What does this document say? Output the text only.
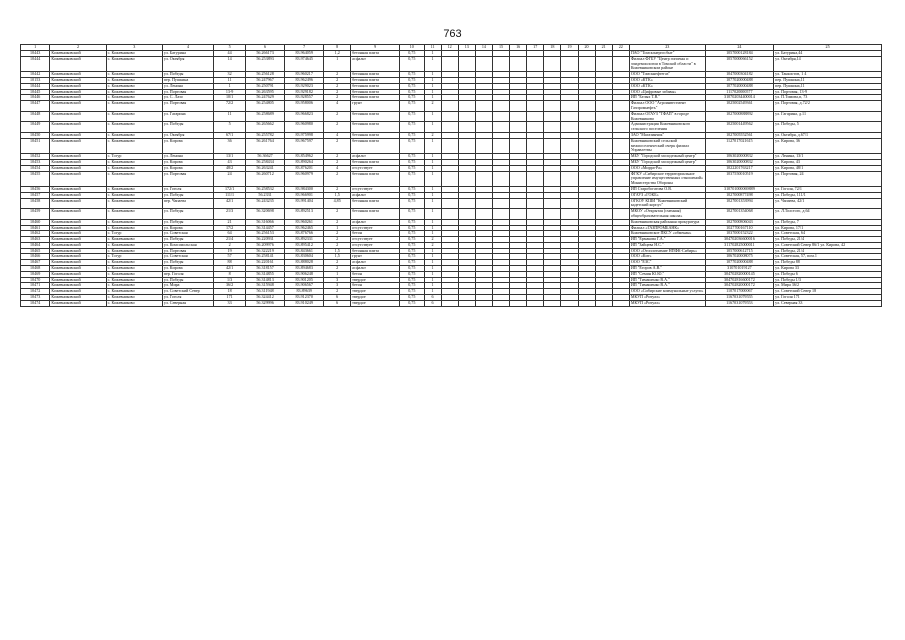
763
1	2	3	4	5	6	7	8	9	10	11	12	13	14	15	16	17	18	19	20	21	22	23	24	25
10443	Кожевниковский	с. Кожевниково	ул. Батурина	44	56.266173	83.964059	1,2	бетонная плита	0,75	1												ПАО "Томскэнергосбыт"	1057000128184	ул. Батурина,44
10444	Кожевниковский	с. Кожевниково	ул. Октября	14	56.253893	83.974645	1	асфальт	0,75	1												Филиал ФГБУ "Центр гигиены и эпидемиологии в Томской области" в Кожевниковском районе	1057000066152	ул. Октября,14
10442	Кожевниковский	с. Кожевниково	ул. Победы	32	56.256128	83.960217	2	бетонная плита	0,75	1												ООО "Томскнефтегаз"	1047000304182	ул. Танкистов, 1 4
10153	Кожевниковский	с. Кожевниково	пер. Пушкина	11	56.247967	83.962496	2	бетонная плита	0,75	1												ООО «КТК»	1077020000488	пер. Пушкина,11
10444	Кожевниковский	с. Кожевниково	ул. Ленина	1	56.250791	83.929023	2	бетонная плита	0,75	1												ООО «КТК»	1077020000488	пер. Пушкина,11
10445	Кожевниковский	с. Кожевниково	ул. Портовая	13-9	56.263595	83.929182	2	бетонная плита	0,75	1												ООО «Цифровые забавы»	1117020000577	ул. Портовая, 13-9
10446	Кожевниковский	с. Кожевниково	ул. С. Лазо	10/1	56.247629	83.928557	2	бетонная плита	0,75	1												ИП "Белых Т.В."	310702034400014	ул. П.Тимова,п, 73
10447	Кожевниковский	с. Кожевниково	ул. Портовая	72/2	56.254805	83.958006	4	грунт	0,75	2												Филиал ООО "Агроинвестмент Газпромнефть"	1025002549361	ул. Портовая, д.72/2
10448	Кожевниковский	с. Кожевниково	ул. Гагарина	11	56.258689	83.966823	2	бетонная плита	0,75	1												Филиал ОГАУЗ "ТФАП" в городе Кожевниково	1027000888892	ул. Гагарина, д.11
10449	Кожевниковский	с. Кожевниково	ул. Победы	5	56.265662	83.960980	2	бетонная плита	0,75	1												Администрация Кожевниковского сельского поселения	1025001449562	ул. Победы, 5
10450	Кожевниковский	с. Кожевниково	ул. Октября	67/1	56.255782	83.975998	4	бетонная плита	0,75	2												ЗАО "Магазинчик"	1027005552561	ул. Октября, д.67/1
10451	Кожевниковский	с. Кожевниково	ул. Кирова	36	56.261764	83.967597	2	бетонная плита	0,75	1												Кожевниковский сельский межпоселенческий очерк филиал Управлетвы	1127017021615	ул. Кирова, 36
10452	Кожевниковский	с. Тогур	ул. Ленина	13/1	56.36627	83.854962	2	асфальт	0,75	1												МБУ "Городской молодежный центр"	1063020000832	ул. Ленина, 13/1
10453	Кожевниковский	с. Кожевниково	ул. Кирова	43	56.258434	83.890264	2	бетонная плита	0,75	1												МБУ "Городской молодежный центр"	1063020000832	ул. Кирова, 43
10454	Кожевниковский	с. Кожевниково	ул. Кирова	48/2	56.263241	83.876201	4	отсутствует	0,75	1												ООО «Мирра-Ра»	1022201763217	ул. Кирова, 48/1
10455	Кожевниковский	с. Кожевниково	ул. Портовая	24	56.260712	83.960979	2	бетонная плита	0,75	1												ФГКУ «Сибирское территориальное управление имущественных отношений» Министерства Обороны	1037550010519	ул. Портовая, 24
10456	Кожевниковский	с. Кожевниково	ул. Гоголя	172/1	56.258532	83.984300	2	отсутствует	0,75	1												ИП Старобогатова О.В.	310701000069889	ул. Гоголя, 72/1
10457	Кожевниковский	с. Кожевниково	ул. Победы	111/1	56.2331	83.966901	1,5	асфальт	0,75	1												ОГАУЗ «ГОКБ»	1027000877498	ул. Победы, 111/1
10458	Кожевниковский	с. Кожевниково	пер. Чапаева	42/1	56.243235	83.991404	4,85	бетонная плита	0,75	1												ОГКОУ КШИ "Кожевниковский кадетский корпус"	1027001353994	ул. Чапаева, 42/1
10459	Кожевниковский	с. Кожевниково	ул. Победы	21/3	56.320698	83.892513	2	бетонная плита	0,75	1												МКОУ «Открытая (сменная) общеобразовательная школа»	1027001354068	ул. Л.Толстого, д.64
10460	Кожевниковский	с. Кожевниково	ул. Победы	21	56.316066	83.960261	2	асфальт	0,75	1												Кожевниковская районная прокуратура	1027000806043	ул. Победы, 7
10461	Кожевниковский	с. Кожевниково	ул. Кирова	17/2	56.314457	83.962465	1	отсутствует	0,75	1												Филиал «ГАЗПРОМБАНК»	1027700167110	ул. Кирова, 17/1
10462	Кожевниковский	с. Тогур	ул. Советская	64	56.256153	83.876766	2	бетон	0,75	1												Кожевниковское ПКСУ «обменан»	1037000152322	ул. Советская, 64
10463	Кожевниковский	с. Кожевниково	ул. Победы	21/4	56.220931	83.892331	2	отсутствует	0,75	2												ИП "Ермакова Г.А."	304702036600016	ул. Победы, 21/4
10464	Кожевниковский	с. Кожевниково	ул. Комсомольская	2	56.209976	83.895412	2	отсутствует	0,75	2												ИП "Зайцева Н.С."	311702825000011	ул. Советский Север 86/1 ул. Кирова, 42
10465	Кожевниковский	с. Кожевниково	ул. Портовая	19	56.322219	83.843661	1,5	бетонная плита	0,75	1												ООО «Отоплотнение НПФК-Сибирь»	1057000612715	ул. Победы, 21/4
10466	Кожевниковский	с. Тогур	ул. Советская	57	56.258141	83.830604	1,5	грунт	0,75	1												ООО «Кит»	1067020008075	ул. Советская, 57, пом.1
10467	Кожевниковский	с. Кожевниково	ул. Победы	88	56.220161	83.888028	2	асфальт	0,75	1												ООО "ЕЗС"	1077020000488	ул. Победы 88
10468	Кожевниковский	с. Кожевниково	ул. Кирова	42/1	56.318157	83.894683	2	асфальт	0,75	1												ИП "Егоров А.В."	310701019127	ул. Кирова 33
10469	Кожевниковский	с. Кожевниково	пер. Гоголя	8	56.314855	83.906248	1	бетон	0,75	1												ИП "Семин Ю.Ю."	304702820000145	ул. Победы 6
10470	Кожевниковский	с. Кожевниково	ул. Победы	1/3	56.314813	83.901205	3	твердое	0,75	1												ИП "Тимашенко В.А."	304702816600172	ул. Победы 1/3
10471	Кожевниковский	с. Кожевниково	ул. Мира	36/2	56.315948	83.906567	3	бетон	0,75	1												ИП "Тимашенко В.А."	304702820000172	ул. Мира 36/2
10472	Кожевниковский	с. Кожевниково	ул. Советский Север	18	56.311948	83.89639	2	твердое	0,75	1												ООО «Сибирские коммунальные услуги»	1107017000067	ул. Советский Север 18
10473	Кожевниковский	с. Кожевниково	ул. Гоголя	171	56.324412	83.912370	6	твердое	0,75	6												МКУП «Ритуал»	1167031079555	ул. Гоголя 171
10474	Кожевниковский	с. Кожевниково	ул. Северная	33	56.329996	83.910249	6	твердое	0,75	6												МКУП «Ритуал»	1167031079553	ул. Северная 33
